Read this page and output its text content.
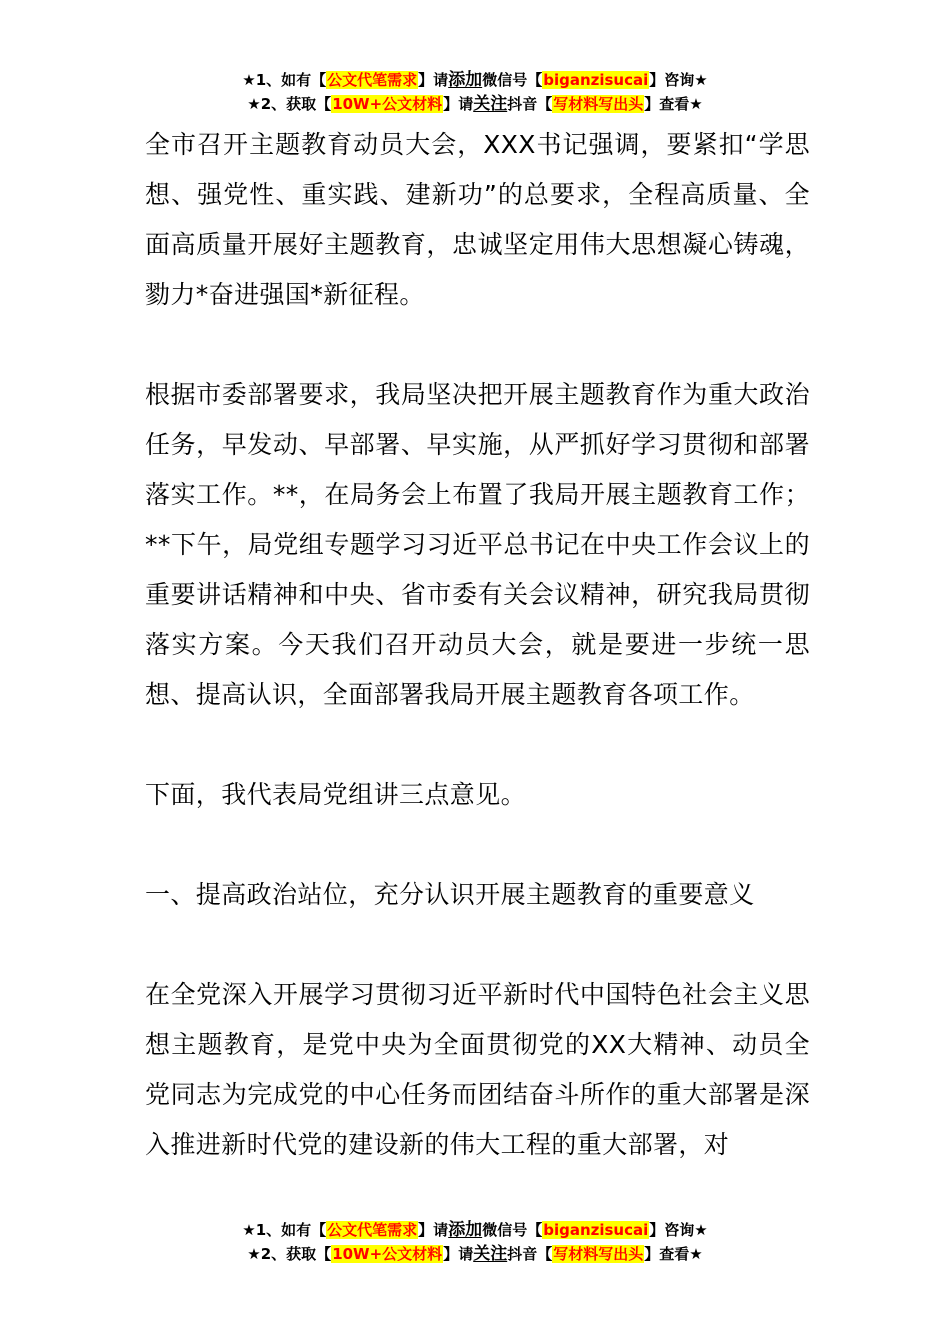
★1、如有【公文代笔需求】请添加微信号【biganzisucai】咨询★
★2、获取【10W+公文材料】请关注抖音【写材料写出头】查看★

全市召开主题教育动员大会，XXX书记强调，要紧扣“学思想、强党性、重实践、建新功”的总要求，全程高质量、全面高质量开展好主题教育，忠诚坚定用伟大思想凝心铸魂，勠力*奋进强国*新征程。

根据市委部署要求，我局坚决把开展主题教育作为重大政治任务，早发动、早部署、早实施，从严抓好学习贯彻和部署落实工作。**，在局务会上布置了我局开展主题教育工作；**下午，局党组专题学习习近平总书记在中央工作会议上的重要讲话精神和中央、省市委有关会议精神，研究我局贯彻落实方案。今天我们召开动员大会，就是要进一步统一思想、提高认识，全面部署我局开展主题教育各项工作。

下面，我代表局党组讲三点意见。

一、提高政治站位，充分认识开展主题教育的重要意义

在全党深入开展学习贯彻习近平新时代中国特色社会主义思想主题教育，是党中央为全面贯彻党的XX大精神、动员全党同志为完成党的中心任务而团结奋斗所作的重大部署是深入推进新时代党的建设新的伟大工程的重大部署，对

★1、如有【公文代笔需求】请添加微信号【biganzisucai】咨询★
★2、获取【10W+公文材料】请关注抖音【写材料写出头】查看★
